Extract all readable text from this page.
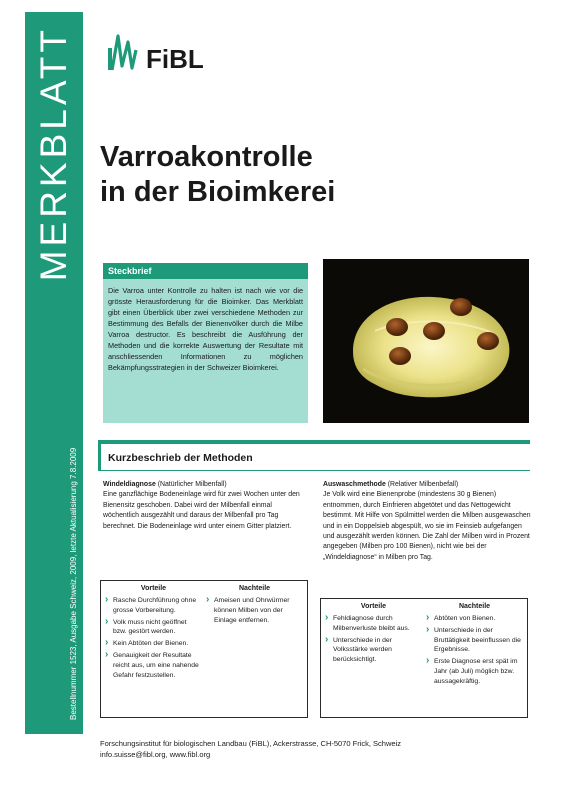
MERKBLATT
Bestellnummer 1523, Ausgabe Schweiz, 2009, letzte Aktualisierung 7.8.2009
FiBL
Varroakontrolle
in der Bioimkerei
Steckbrief
Die Varroa unter Kontrolle zu halten ist nach wie vor die grösste Herausforderung für die Bioimker. Das Merkblatt gibt einen Überblick über zwei verschiedene Methoden zur Bestimmung des Befalls der Bienenvölker durch die Milbe Varroa destructor. Es beschreibt die Ausführung der Methoden und die korrekte Auswertung der Resultate mit anschliessenden Informationen zu möglichen Bekämpfungsstrategien in der Schweizer Bioimkerei.
Kurzbeschrieb der Methoden
Windeldiagnose (Natürlicher Milbenfall)
Eine ganzflächige Bodeneinlage wird für zwei Wochen unter den Bienensitz geschoben. Dabei wird der Milbenfall einmal wöchentlich ausgezählt und daraus der Milbenfall pro Tag berechnet. Die Bodeneinlage wird unter einem Gitter platziert.
Auswaschmethode (Relativer Milbenbefall)
Je Volk wird eine Bienenprobe (mindestens 30 g Bienen) entnommen, durch Einfrieren abgetötet und das Nettogewicht bestimmt. Mit Hilfe von Spülmittel werden die Milben ausgewaschen und in ein Doppelsieb abgespült, wo sie im Feinsieb aufgefangen und ausgezählt werden können. Die Zahl der Milben wird in Prozent angegeben (Milben pro 100 Bienen), nicht wie bei der „Windeldiagnose“ in Milben pro Tag.
Vorteile
› Rasche Durchführung ohne grosse Vorbereitung.
› Volk muss nicht geöffnet bzw. gestört werden.
› Kein Abtöten der Bienen.
› Genauigkeit der Resultate reicht aus, um eine nahende Gefahr festzustellen.
Nachteile
› Ameisen und Ohrwürmer können Milben von der Einlage entfernen.
Vorteile
› Fehldiagnose durch Milbenverluste bleibt aus.
› Unterschiede in der Volksstärke werden berücksichtigt.
Nachteile
› Abtöten von Bienen.
› Unterschiede in der Bruttätigkeit beeinflussen die Ergebnisse.
› Erste Diagnose erst spät im Jahr (ab Juli) möglich bzw. aussagekräftig.
Forschungsinstitut für biologischen Landbau (FiBL), Ackerstrasse, CH-5070 Frick, Schweiz
info.suisse@fibl.org, www.fibl.org
